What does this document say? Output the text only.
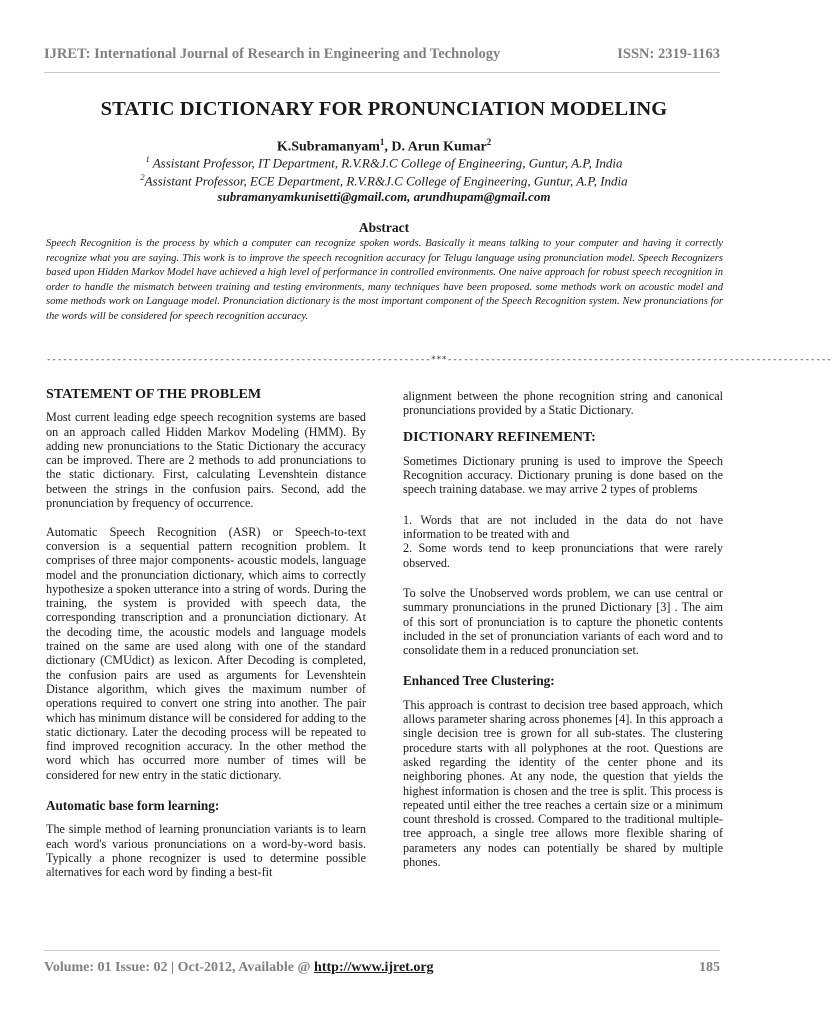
IJRET: International Journal of Research in Engineering and Technology	ISSN: 2319-1163
STATIC DICTIONARY FOR PRONUNCIATION MODELING
K.Subramanyam$^1$, D. Arun Kumar$^2$
$^1$ Assistant Professor, IT Department, R.V.R&J.C College of Engineering, Guntur, A.P, India
$^2$Assistant Professor, ECE Department, R.V.R&J.C College of Engineering, Guntur, A.P, India
subramanyamkunisetti@gmail.com, arundhupam@gmail.com
Abstract
Speech Recognition is the process by which a computer can recognize spoken words. Basically it means talking to your computer and having it correctly recognize what you are saying. This work is to improve the speech recognition accuracy for Telugu language using pronunciation model. Speech Recognizers based upon Hidden Markov Model have achieved a high level of performance in controlled environments. One naive approach for robust speech recognition in order to handle the mismatch between training and testing environments, many techniques have been proposed. some methods work on acoustic model and some methods work on Language model. Pronunciation dictionary is the most important component of the Speech Recognition system. New pronunciations for the words will be considered for speech recognition accuracy.
-----------------------------------------------------------------------***-----------------------------------------------------------------------

STATEMENT OF THE PROBLEM

Most current leading edge speech recognition systems are based on an approach called Hidden Markov Modeling (HMM). By adding new pronunciations to the Static Dictionary the accuracy can be improved. There are 2 methods to add pronunciations to the static dictionary. First, calculating Levenshtein distance between the strings in the confusion pairs. Second, add the pronunciation by frequency of occurrence.

Automatic Speech Recognition (ASR) or Speech-to-text conversion is a sequential pattern recognition problem. It comprises of three major components- acoustic models, language model and the pronunciation dictionary, which aims to correctly hypothesize a spoken utterance into a string of words. During the training, the system is provided with speech data, the corresponding transcription and a pronunciation dictionary. At the decoding time, the acoustic models and language models trained on the same are used along with one of the standard dictionary (CMUdict) as lexicon. After Decoding is completed, the confusion pairs are used as arguments for Levenshtein Distance algorithm, which gives the maximum number of operations required to convert one string into another. The pair which has minimum distance will be considered for adding to the static dictionary. Later the decoding process will be repeated to find improved recognition accuracy. In the other method the word which has occurred more number of times will be considered for new entry in the static dictionary.

Automatic base form learning:

The simple method of learning pronunciation variants is to learn each word's various pronunciations on a word-by-word basis. Typically a phone recognizer is used to determine possible alternatives for each word by finding a best-fit

alignment between the phone recognition string and canonical pronunciations provided by a Static Dictionary.

DICTIONARY REFINEMENT:

Sometimes Dictionary pruning is used to improve the Speech Recognition accuracy. Dictionary pruning is done based on the speech training database. we may arrive 2 types of problems

1. Words that are not included in the data do not have information to be treated with and

2. Some words tend to keep pronunciations that were rarely observed.

To solve the Unobserved words problem, we can use central or summary pronunciations in the pruned Dictionary [3] . The aim of this sort of pronunciation is to capture the phonetic contents included in the set of pronunciation variants of each word and to consolidate them in a reduced pronunciation set.

Enhanced Tree Clustering:

This approach is contrast to decision tree based approach, which allows parameter sharing across phonemes [4]. In this approach a single decision tree is grown for all sub-states. The clustering procedure starts with all polyphones at the root. Questions are asked regarding the identity of the center phone and its neighboring phones. At any node, the question that yields the highest information is chosen and the tree is split. This process is repeated until either the tree reaches a certain size or a minimum count threshold is crossed. Compared to the traditional multiple-tree approach, a single tree allows more flexible sharing of parameters any nodes can potentially be shared by multiple phones.

Volume: 01 Issue: 02 | Oct-2012, Available @ http://www.ijret.org	185
